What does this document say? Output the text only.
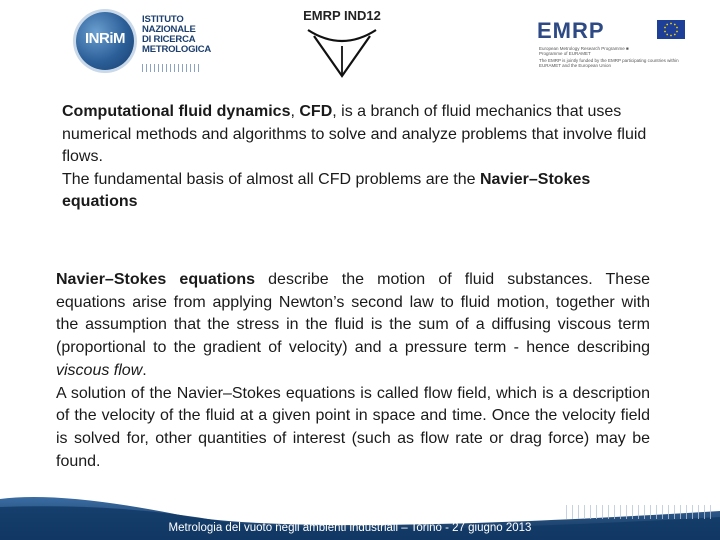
INRiM
ISTITUTO
NAZIONALE
DI RICERCA
METROLOGICA
EMRP IND12
EMRP
European Metrology Research Programme ■ Programme of EURAMET
The EMRP is jointly funded by the EMRP participating countries within EURAMET and the European Union

Computational fluid dynamics, CFD, is a branch of fluid mechanics that uses numerical methods and algorithms to solve and analyze problems that involve fluid flows.

The fundamental basis of almost all CFD problems are the Navier–Stokes equations

Navier–Stokes equations describe the motion of fluid substances. These equations arise from applying Newton’s second law to fluid motion, together with the assumption that the stress in the fluid is the sum of a diffusing viscous term (proportional to the gradient of velocity) and a pressure term - hence describing viscous flow.

A solution of the Navier–Stokes equations is called flow field, which is a description of the velocity of the fluid at a given point in space and time. Once the velocity field is solved for, other quantities of interest (such as flow rate or drag force) may be found.

Metrologia del vuoto negli ambienti industriali – Torino - 27 giugno 2013
